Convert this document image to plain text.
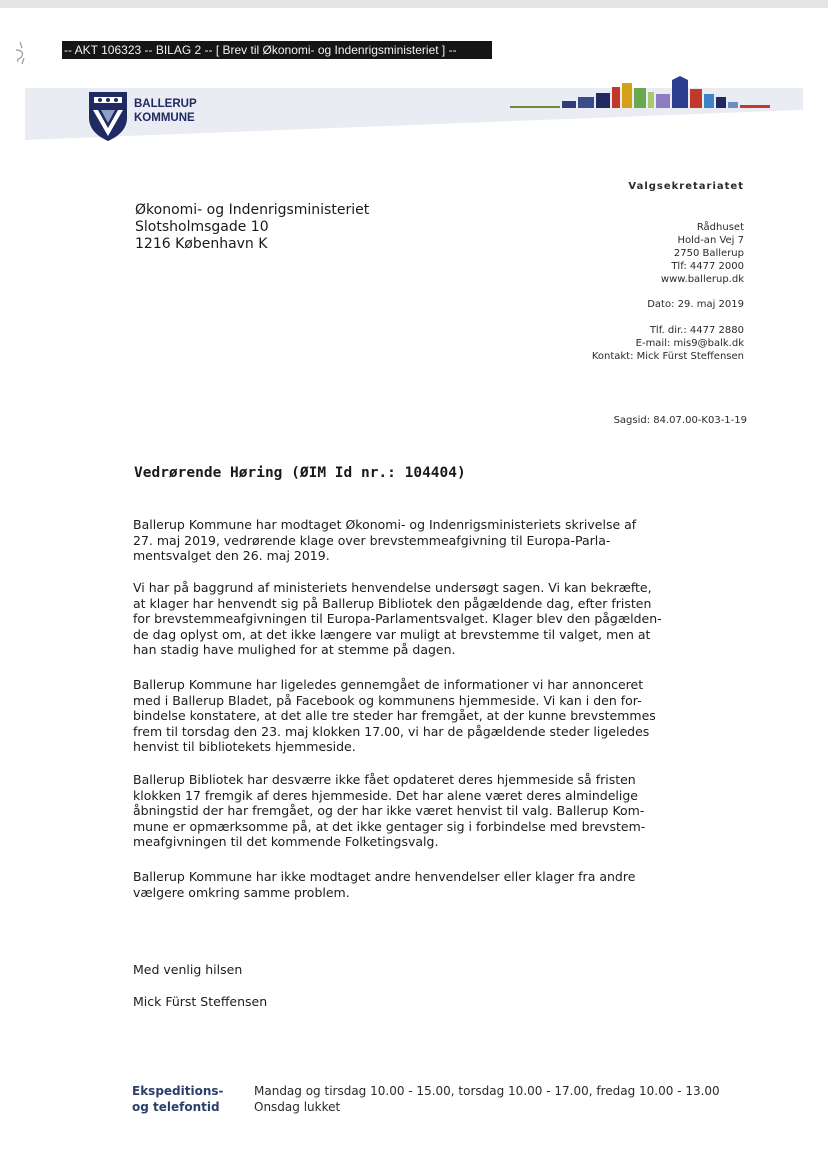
-- AKT 106323 -- BILAG 2 -- [ Brev til Økonomi- og Indenrigsministeriet ] --
BALLERUP
KOMMUNE
Valgsekretariatet
Økonomi- og Indenrigsministeriet
Slotsholmsgade 10
1216 København K
Rådhuset
Hold-an Vej 7
2750 Ballerup
Tlf: 4477 2000
www.ballerup.dk
Dato: 29. maj 2019
Tlf. dir.: 4477 2880
E-mail: mis9@balk.dk
Kontakt: Mick Fürst Steffensen
Sagsid: 84.07.00-K03-1-19
Vedrørende Høring (ØIM Id nr.: 104404)

Ballerup Kommune har modtaget Økonomi- og Indenrigsministeriets skrivelse af
27. maj 2019, vedrørende klage over brevstemmeafgivning til Europa-Parla-
mentsvalget den 26. maj 2019.

Vi har på baggrund af ministeriets henvendelse undersøgt sagen. Vi kan bekræfte,
at klager har henvendt sig på Ballerup Bibliotek den pågældende dag, efter fristen
for brevstemmeafgivningen til Europa-Parlamentsvalget. Klager blev den pågælden-
de dag oplyst om, at det ikke længere var muligt at brevstemme til valget, men at
han stadig have mulighed for at stemme på dagen.

Ballerup Kommune har ligeledes gennemgået de informationer vi har annonceret
med i Ballerup Bladet, på Facebook og kommunens hjemmeside. Vi kan i den for-
bindelse konstatere, at det alle tre steder har fremgået, at der kunne brevstemmes
frem til torsdag den 23. maj klokken 17.00, vi har de pågældende steder ligeledes
henvist til bibliotekets hjemmeside.

Ballerup Bibliotek har desværre ikke fået opdateret deres hjemmeside så fristen
klokken 17 fremgik af deres hjemmeside. Det har alene været deres almindelige
åbningstid der har fremgået, og der har ikke været henvist til valg. Ballerup Kom-
mune er opmærksomme på, at det ikke gentager sig i forbindelse med brevstem-
meafgivningen til det kommende Folketingsvalg.

Ballerup Kommune har ikke modtaget andre henvendelser eller klager fra andre
vælgere omkring samme problem.

Med venlig hilsen
Mick Fürst Steffensen
Ekspeditions-
og telefontid
Mandag og tirsdag 10.00 - 15.00, torsdag 10.00 - 17.00, fredag 10.00 - 13.00
Onsdag lukket
